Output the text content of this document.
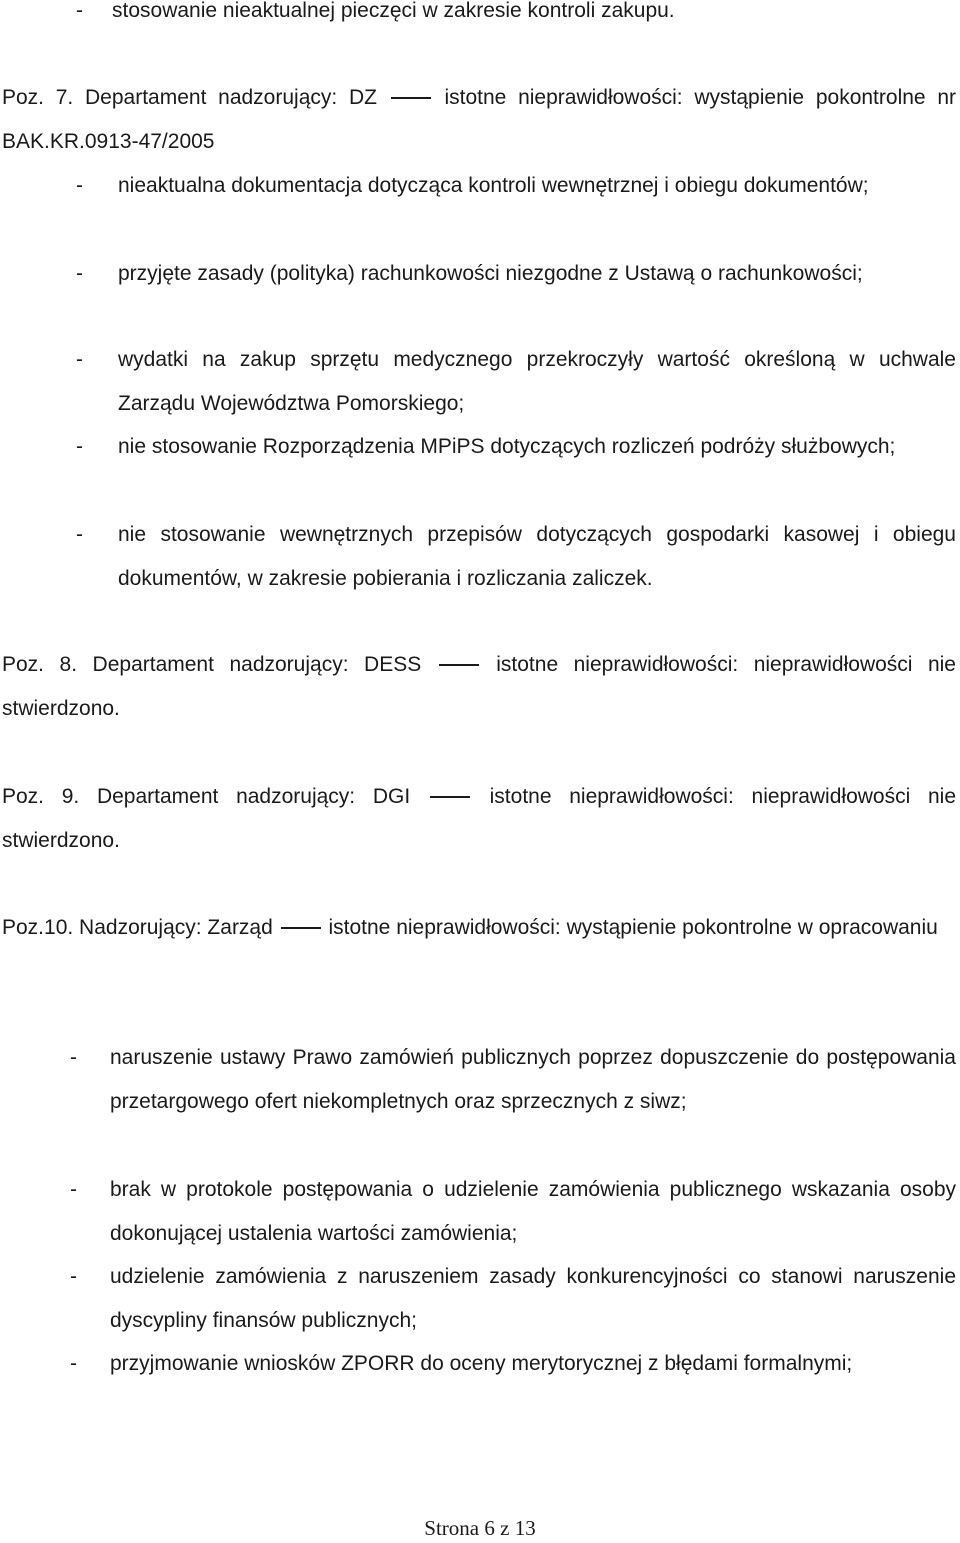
-	stosowanie nieaktualnej pieczęci w zakresie kontroli zakupu.

Poz. 7. Departament nadzorujący: DZ	istotne nieprawidłowości: wystąpienie pokontrolne nr BAK.KR.0913-47/2005

-	nieaktualna dokumentacja dotycząca kontroli wewnętrznej i obiegu dokumentów;
-	przyjęte zasady (polityka) rachunkowości niezgodne z Ustawą o rachunkowości;
-	wydatki na zakup sprzętu medycznego przekroczyły wartość określoną w uchwale Zarządu Województwa Pomorskiego;
-	nie stosowanie Rozporządzenia MPiPS dotyczących rozliczeń podróży służbowych;
-	nie stosowanie wewnętrznych przepisów dotyczących gospodarki kasowej i obiegu dokumentów, w zakresie pobierania i rozliczania zaliczek.

Poz. 8. Departament nadzorujący: DESS	istotne nieprawidłowości: nieprawidłowości nie stwierdzono.

Poz. 9. Departament nadzorujący: DGI	istotne nieprawidłowości: nieprawidłowości nie stwierdzono.

Poz.10. Nadzorujący: Zarząd	istotne nieprawidłowości: wystąpienie pokontrolne w opracowaniu

-	naruszenie ustawy Prawo zamówień publicznych poprzez dopuszczenie do postępowania przetargowego ofert niekompletnych oraz sprzecznych z siwz;
-	brak w protokole postępowania o udzielenie zamówienia publicznego wskazania osoby dokonującej ustalenia wartości zamówienia;
-	udzielenie zamówienia z naruszeniem zasady konkurencyjności co stanowi naruszenie dyscypliny finansów publicznych;
-	przyjmowanie wniosków ZPORR do oceny merytorycznej z błędami formalnymi;
Strona 6 z 13
